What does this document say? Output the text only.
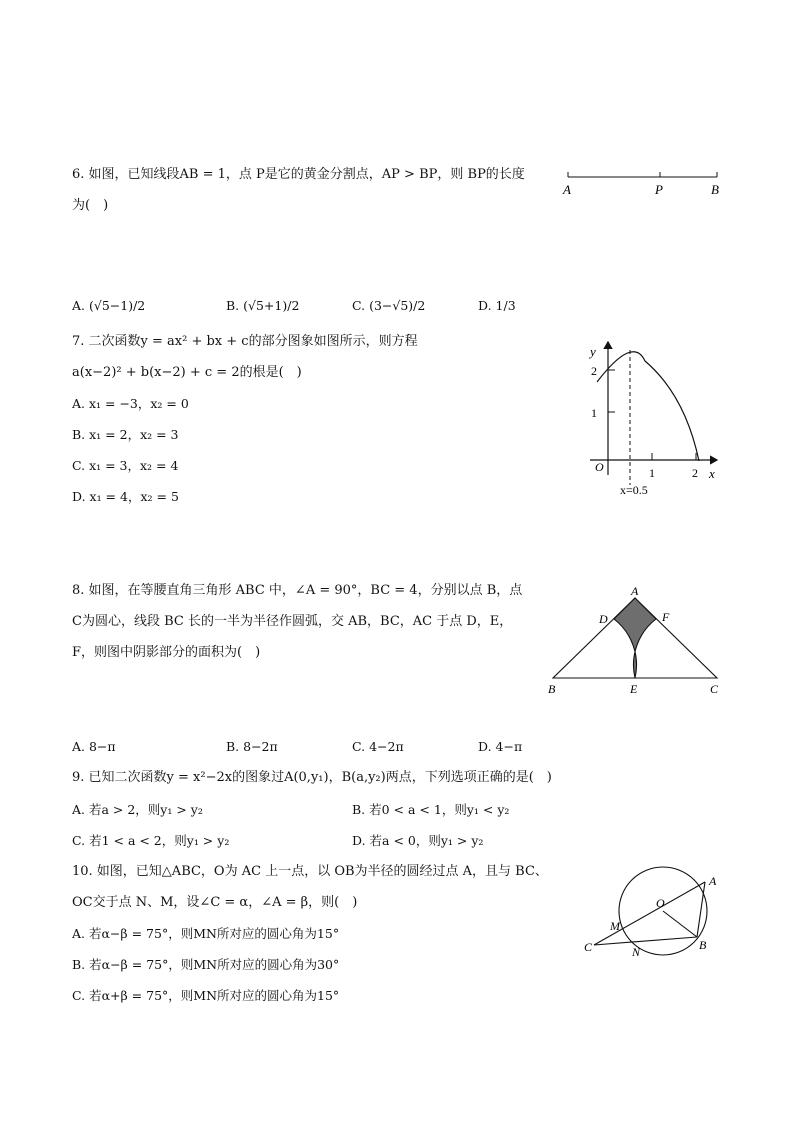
6. 如图，已知线段AB = 1，点 P是它的黄金分割点，AP > BP，则 BP的长度
为(　)
A	P	B
A. (√5−1)/2	B. (√5+1)/2	C. (3−√5)/2	D. 1/3
7. 二次函数y = ax² + bx + c的部分图象如图所示，则方程
a(x−2)² + b(x−2) + c = 2的根是(　)
A. x₁ = −3，x₂ = 0
B. x₁ = 2，x₂ = 3
C. x₁ = 3，x₂ = 4
D. x₁ = 4，x₂ = 5
y
x
O
2
1
1	2
x=0.5
8. 如图，在等腰直角三角形 ABC 中，∠A = 90°，BC = 4，分别以点 B，点
C为圆心，线段 BC 长的一半为半径作圆弧，交 AB，BC，AC 于点 D，E，
F，则图中阴影部分的面积为(　)
A
D	F
B	E	C
A. 8−π	B. 8−2π	C. 4−2π	D. 4−π
9. 已知二次函数y = x²−2x的图象过A(0,y₁)，B(a,y₂)两点，下列选项正确的是(　)
A. 若a > 2，则y₁ > y₂	B. 若0 < a < 1，则y₁ < y₂
C. 若1 < a < 2，则y₁ > y₂	D. 若a < 0，则y₁ > y₂
10. 如图，已知△ABC，O为 AC 上一点，以 OB为半径的圆经过点 A，且与 BC、
OC交于点 N、M，设∠C = α，∠A = β，则(　)
A. 若α−β = 75°，则MN所对应的圆心角为15°
B. 若α−β = 75°，则MN所对应的圆心角为30°
C. 若α+β = 75°，则MN所对应的圆心角为15°
A
O
M
C	N	B
